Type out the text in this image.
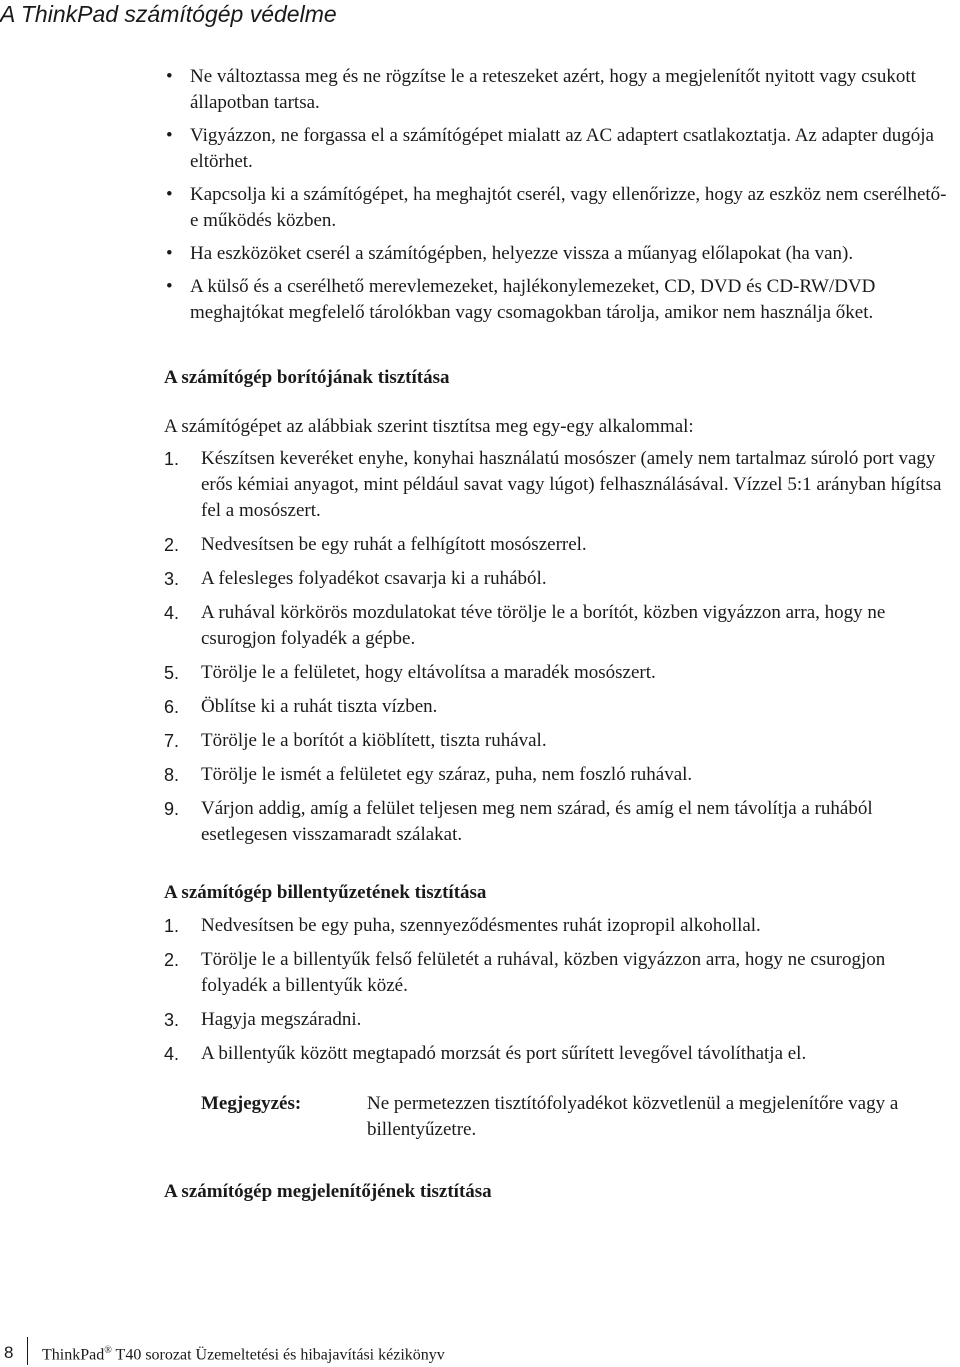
A ThinkPad számítógép védelme
• Ne változtassa meg és ne rögzítse le a reteszeket azért, hogy a megjelenítőt nyitott vagy csukott állapotban tartsa.
• Vigyázzon, ne forgassa el a számítógépet mialatt az AC adaptert csatlakoztatja. Az adapter dugója eltörhet.
• Kapcsolja ki a számítógépet, ha meghajtót cserél, vagy ellenőrizze, hogy az eszköz nem cserélhető-e működés közben.
• Ha eszközöket cserél a számítógépben, helyezze vissza a műanyag előlapokat (ha van).
• A külső és a cserélhető merevlemezeket, hajlékonylemezeket, CD, DVD és CD-RW/DVD meghajtókat megfelelő tárolókban vagy csomagokban tárolja, amikor nem használja őket.
A számítógép borítójának tisztítása

A számítógépet az alábbiak szerint tisztítsa meg egy-egy alkalommal:

1. Készítsen keveréket enyhe, konyhai használatú mosószer (amely nem tartalmaz súroló port vagy erős kémiai anyagot, mint például savat vagy lúgot) felhasználásával. Vízzel 5:1 arányban hígítsa fel a mosószert.
2. Nedvesítsen be egy ruhát a felhígított mosószerrel.
3. A felesleges folyadékot csavarja ki a ruhából.
4. A ruhával körkörös mozdulatokat téve törölje le a borítót, közben vigyázzon arra, hogy ne csurogjon folyadék a gépbe.
5. Törölje le a felületet, hogy eltávolítsa a maradék mosószert.
6. Öblítse ki a ruhát tiszta vízben.
7. Törölje le a borítót a kiöblített, tiszta ruhával.
8. Törölje le ismét a felületet egy száraz, puha, nem foszló ruhával.
9. Várjon addig, amíg a felület teljesen meg nem szárad, és amíg el nem távolítja a ruhából esetlegesen visszamaradt szálakat.
A számítógép billentyűzetének tisztítása
1. Nedvesítsen be egy puha, szennyeződésmentes ruhát izopropil alkohollal.
2. Törölje le a billentyűk felső felületét a ruhával, közben vigyázzon arra, hogy ne csurogjon folyadék a billentyűk közé.
3. Hagyja megszáradni.
4. A billentyűk között megtapadó morzsát és port sűrített levegővel távolíthatja el.
Megjegyzés:	Ne permetezzen tisztítófolyadékot közvetlenül a megjelenítőre vagy a billentyűzetre.
A számítógép megjelenítőjének tisztítása
8 ThinkPad® T40 sorozat Üzemeltetési és hibajavítási kézikönyv
